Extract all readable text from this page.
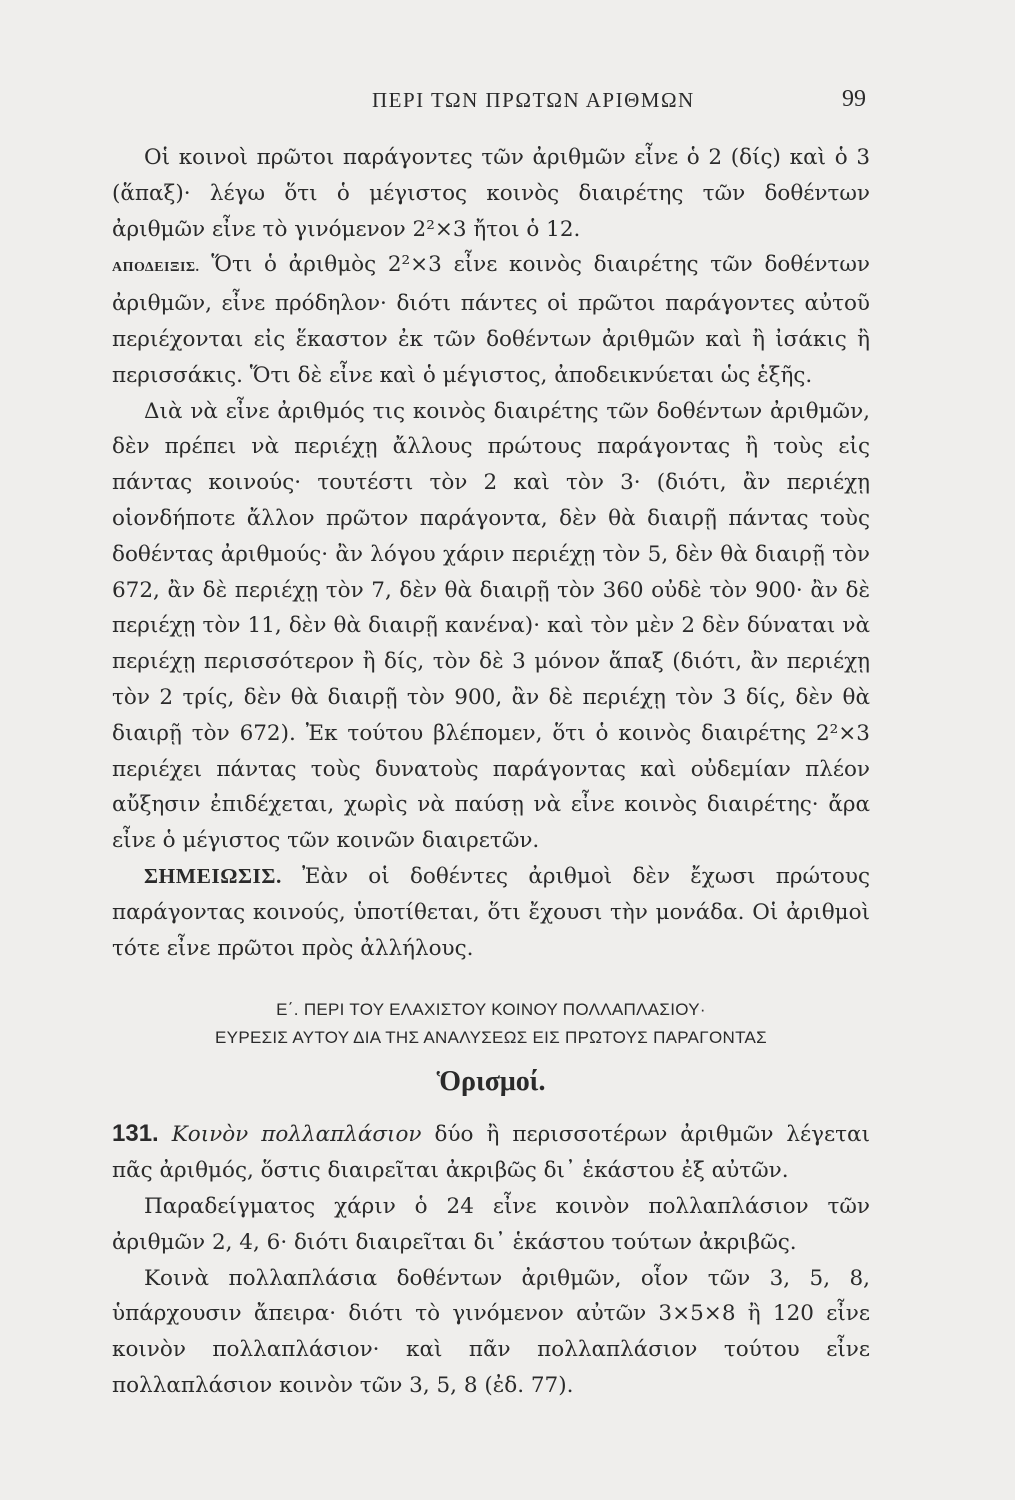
ΠΕΡΙ ΤΩΝ ΠΡΩΤΩΝ ΑΡΙΘΜΩΝ	99

Οἱ κοινοὶ πρῶτοι παράγοντες τῶν ἀριθμῶν εἶνε ὁ 2 (δίς) καὶ ὁ 3 (ἅπαξ)· λέγω ὅτι ὁ μέγιστος κοινὸς διαιρέτης τῶν δοθέντων ἀριθμῶν εἶνε τὸ γινόμενον 2²×3 ἤτοι ὁ 12.

ΑΠΟΔΕΙΞΙΣ. Ὅτι ὁ ἀριθμὸς 2²×3 εἶνε κοινὸς διαιρέτης τῶν δοθέντων ἀριθμῶν, εἶνε πρόδηλον· διότι πάντες οἱ πρῶτοι παράγοντες αὐτοῦ περιέχονται εἰς ἕκαστον ἐκ τῶν δοθέντων ἀριθμῶν καὶ ἢ ἰσάκις ἢ περισσάκις. Ὅτι δὲ εἶνε καὶ ὁ μέγιστος, ἀποδεικνύεται ὡς ἑξῆς.

Διὰ νὰ εἶνε ἀριθμός τις κοινὸς διαιρέτης τῶν δοθέντων ἀριθμῶν, δὲν πρέπει νὰ περιέχῃ ἄλλους πρώτους παράγοντας ἢ τοὺς εἰς πάντας κοινούς· τουτέστι τὸν 2 καὶ τὸν 3· (διότι, ἂν περιέχῃ οἱονδήποτε ἄλλον πρῶτον παράγοντα, δὲν θὰ διαιρῇ πάντας τοὺς δοθέντας ἀριθμούς· ἂν λόγου χάριν περιέχῃ τὸν 5, δὲν θὰ διαιρῇ τὸν 672, ἂν δὲ περιέχῃ τὸν 7, δὲν θὰ διαιρῇ τὸν 360 οὐδὲ τὸν 900· ἂν δὲ περιέχῃ τὸν 11, δὲν θὰ διαιρῇ κανένα)· καὶ τὸν μὲν 2 δὲν δύναται νὰ περιέχῃ περισσότερον ἢ δίς, τὸν δὲ 3 μόνον ἅπαξ (διότι, ἂν περιέχῃ τὸν 2 τρίς, δὲν θὰ διαιρῇ τὸν 900, ἂν δὲ περιέχῃ τὸν 3 δίς, δὲν θὰ διαιρῇ τὸν 672). Ἐκ τούτου βλέπομεν, ὅτι ὁ κοινὸς διαιρέτης 2²×3 περιέχει πάντας τοὺς δυνατοὺς παράγοντας καὶ οὐδεμίαν πλέον αὔξησιν ἐπιδέχεται, χωρὶς νὰ παύσῃ νὰ εἶνε κοινὸς διαιρέτης· ἄρα εἶνε ὁ μέγιστος τῶν κοινῶν διαιρετῶν.

ΣΗΜΕΙΩΣΙΣ. Ἐὰν οἱ δοθέντες ἀριθμοὶ δὲν ἔχωσι πρώτους παράγοντας κοινούς, ὑποτίθεται, ὅτι ἔχουσι τὴν μονάδα. Οἱ ἀριθμοὶ τότε εἶνε πρῶτοι πρὸς ἀλλήλους.

Ε΄. ΠΕΡΙ ΤΟΥ ΕΛΑΧΙΣΤΟΥ ΚΟΙΝΟΥ ΠΟΛΛΑΠΛΑΣΙΟΥ·
ΕΥΡΕΣΙΣ ΑΥΤΟΥ ΔΙΑ ΤΗΣ ΑΝΑΛΥΣΕΩΣ ΕΙΣ ΠΡΩΤΟΥΣ ΠΑΡΑΓΟΝΤΑΣ
Ὁρισμοί.

131. Κοινὸν πολλαπλάσιον δύο ἢ περισσοτέρων ἀριθμῶν λέγεται πᾶς ἀριθμός, ὅστις διαιρεῖται ἀκριβῶς δι᾿ ἑκάστου ἐξ αὐτῶν.

Παραδείγματος χάριν ὁ 24 εἶνε κοινὸν πολλαπλάσιον τῶν ἀριθμῶν 2, 4, 6· διότι διαιρεῖται δι᾿ ἑκάστου τούτων ἀκριβῶς.

Κοινὰ πολλαπλάσια δοθέντων ἀριθμῶν, οἷον τῶν 3, 5, 8, ὑπάρχουσιν ἄπειρα· διότι τὸ γινόμενον αὐτῶν 3×5×8 ἢ 120 εἶνε κοινὸν πολλαπλάσιον· καὶ πᾶν πολλαπλάσιον τούτου εἶνε πολλαπλάσιον κοινὸν τῶν 3, 5, 8 (ἐδ. 77).
